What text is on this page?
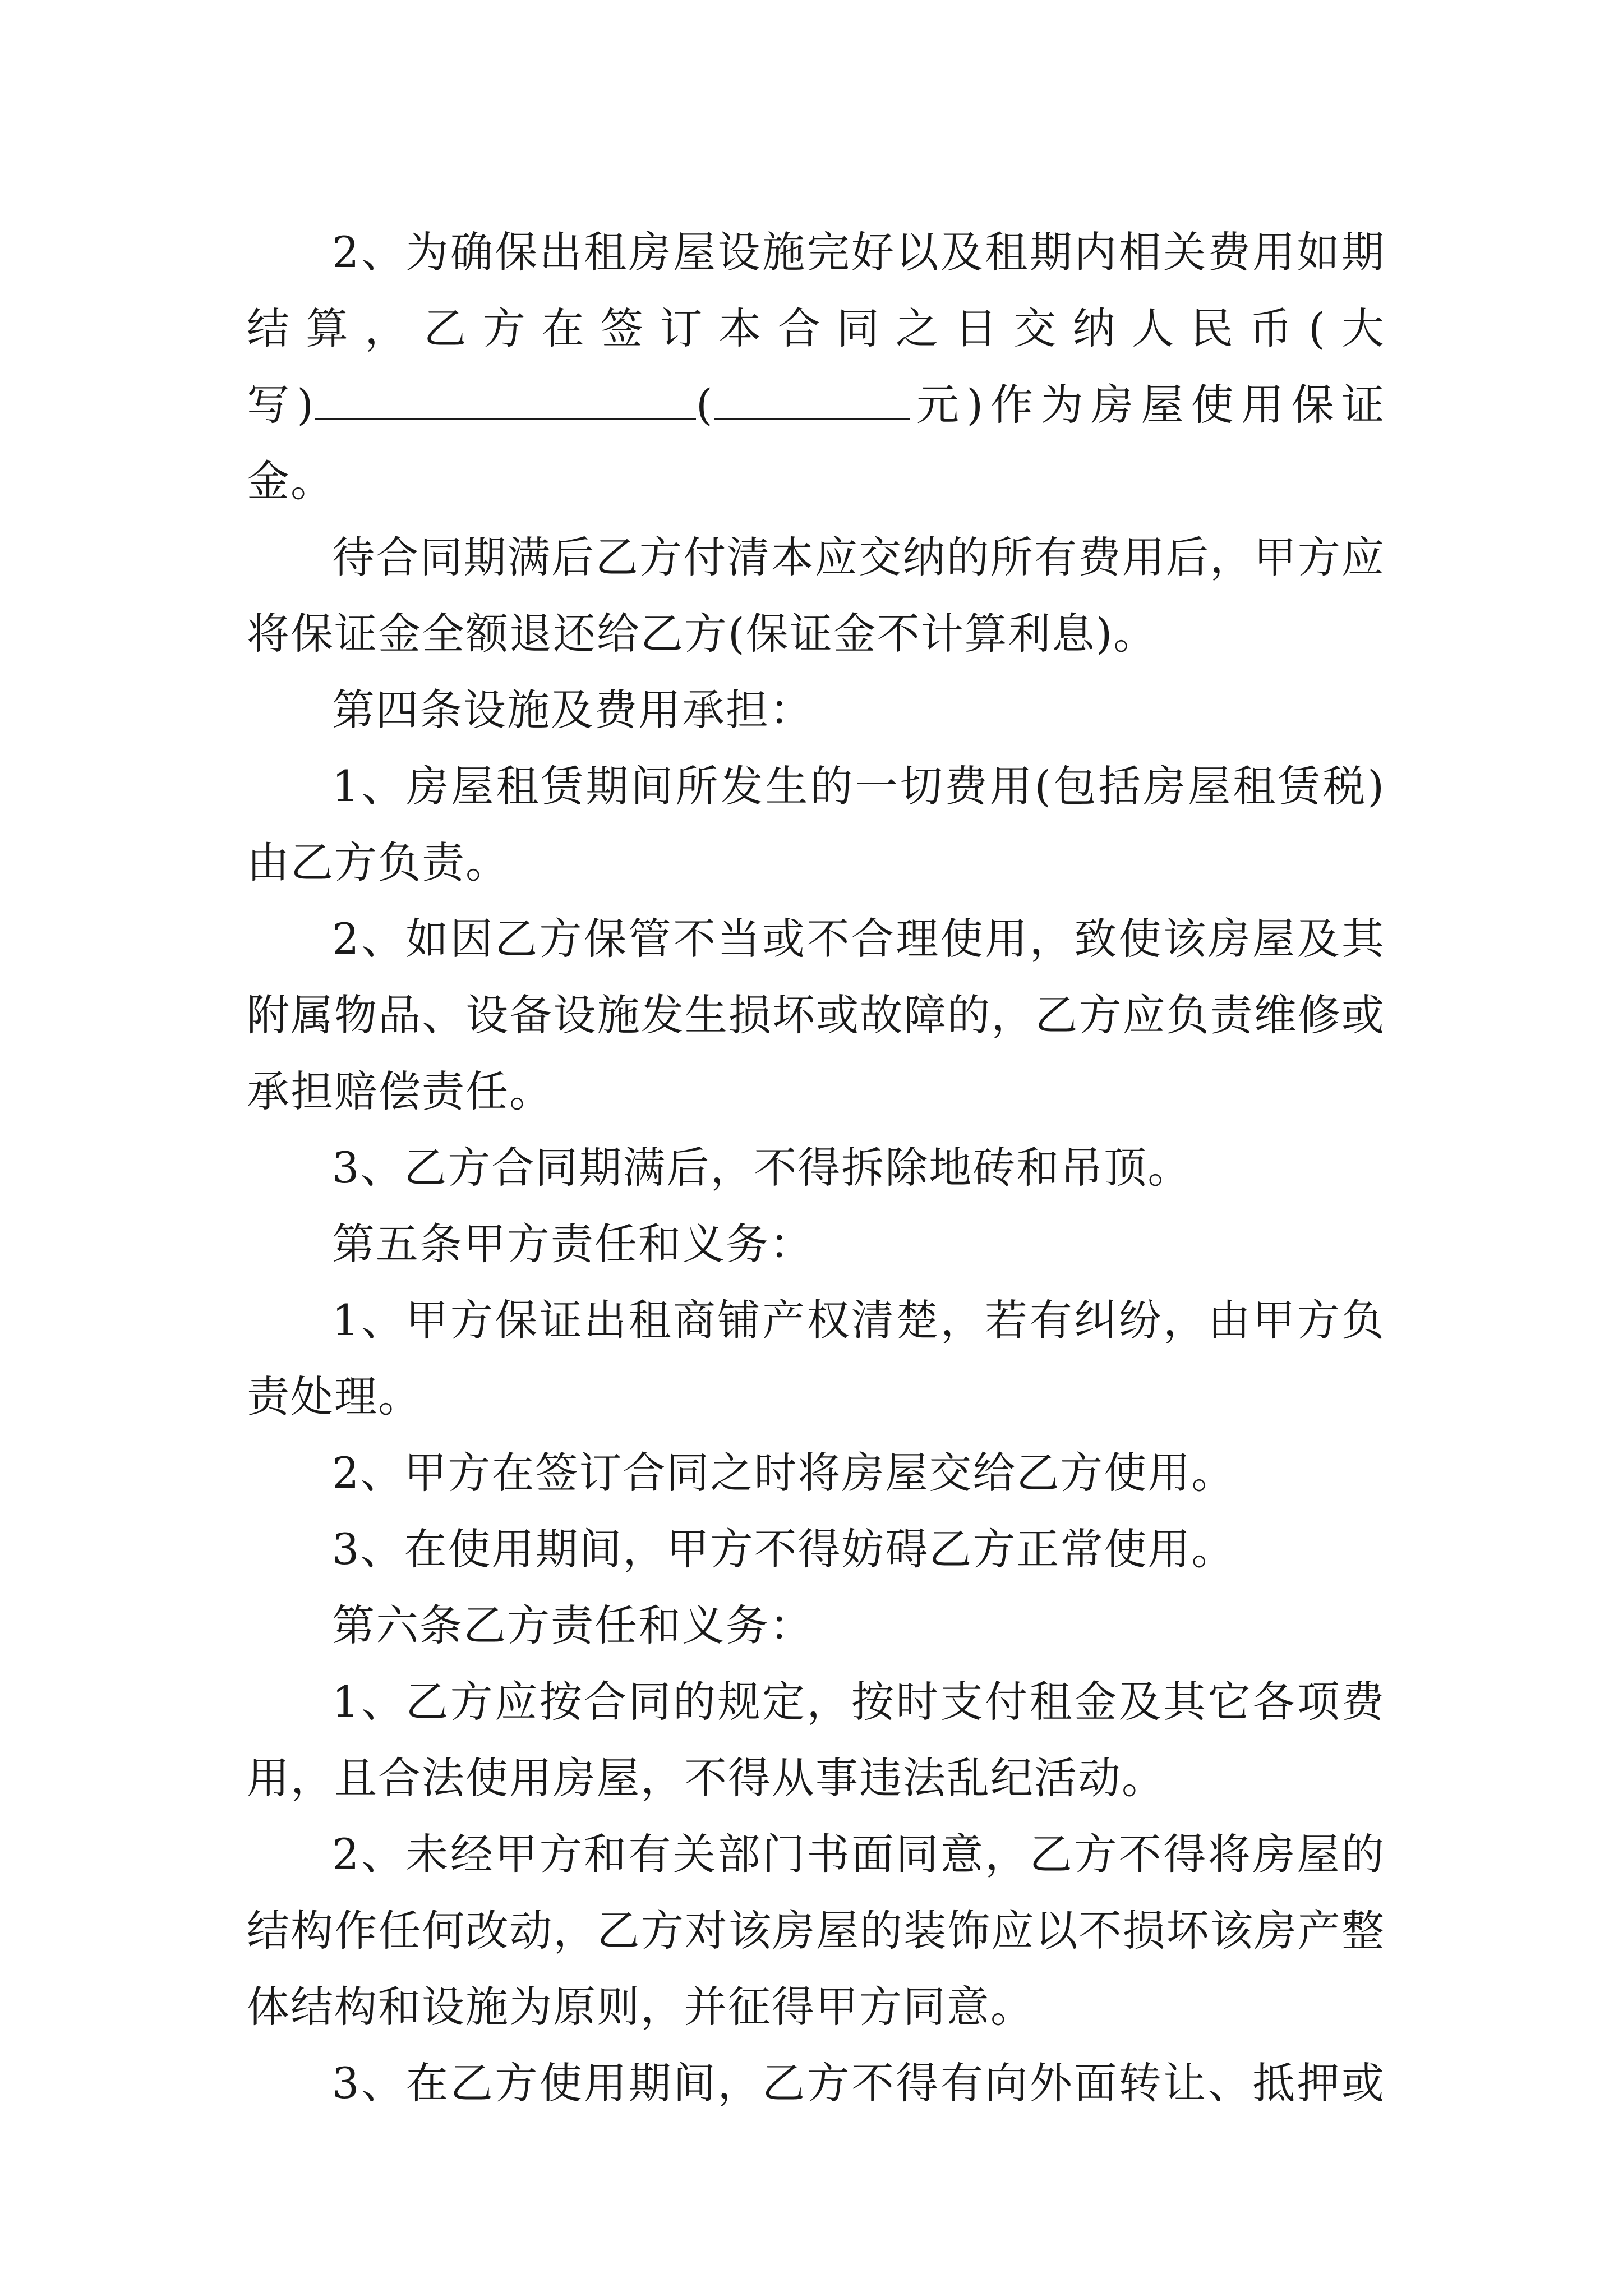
2、为确保出租房屋设施完好以及租期内相关费用如期
结算，乙方在签订本合同之日交纳人民币(大
写)	(	元)作为房屋使用保证金。

待合同期满后乙方付清本应交纳的所有费用后，甲方应
将保证金全额退还给乙方(保证金不计算利息)。

第四条设施及费用承担：

1、房屋租赁期间所发生的一切费用(包括房屋租赁税)
由乙方负责。

2、如因乙方保管不当或不合理使用，致使该房屋及其
附属物品、设备设施发生损坏或故障的，乙方应负责维修或
承担赔偿责任。

3、乙方合同期满后，不得拆除地砖和吊顶。

第五条甲方责任和义务：

1、甲方保证出租商铺产权清楚，若有纠纷，由甲方负
责处理。

2、甲方在签订合同之时将房屋交给乙方使用。

3、在使用期间，甲方不得妨碍乙方正常使用。

第六条乙方责任和义务：

1、乙方应按合同的规定，按时支付租金及其它各项费
用，且合法使用房屋，不得从事违法乱纪活动。

2、未经甲方和有关部门书面同意，乙方不得将房屋的
结构作任何改动，乙方对该房屋的装饰应以不损坏该房产整
体结构和设施为原则，并征得甲方同意。

3、在乙方使用期间，乙方不得有向外面转让、抵押或
